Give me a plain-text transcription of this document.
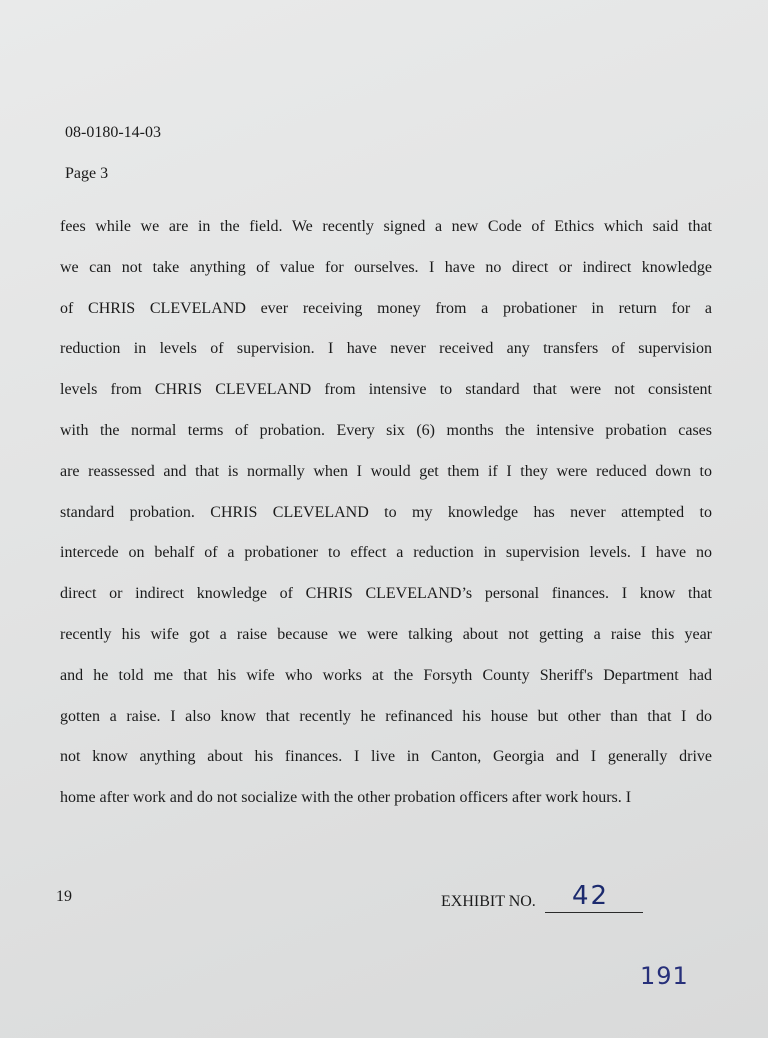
08-0180-14-03
Page 3
fees while we are in the field. We recently signed a new Code of Ethics which said that
we can not take anything of value for ourselves. I have no direct or indirect knowledge
of CHRIS CLEVELAND ever receiving money from a probationer in return for a
reduction in levels of supervision. I have never received any transfers of supervision
levels from CHRIS CLEVELAND from intensive to standard that were not consistent
with the normal terms of probation. Every six (6) months the intensive probation cases
are reassessed and that is normally when I would get them if I they were reduced down to
standard probation. CHRIS CLEVELAND to my knowledge has never attempted to
intercede on behalf of a probationer to effect a reduction in supervision levels. I have no
direct or indirect knowledge of CHRIS CLEVELAND’s personal finances. I know that
recently his wife got a raise because we were talking about not getting a raise this year
and he told me that his wife who works at the Forsyth County Sheriff's Department had
gotten a raise. I also know that recently he refinanced his house but other than that I do
not know anything about his finances. I live in Canton, Georgia and I generally drive
home after work and do not socialize with the other probation officers after work hours. I
19	EXHIBIT NO. 42
191
